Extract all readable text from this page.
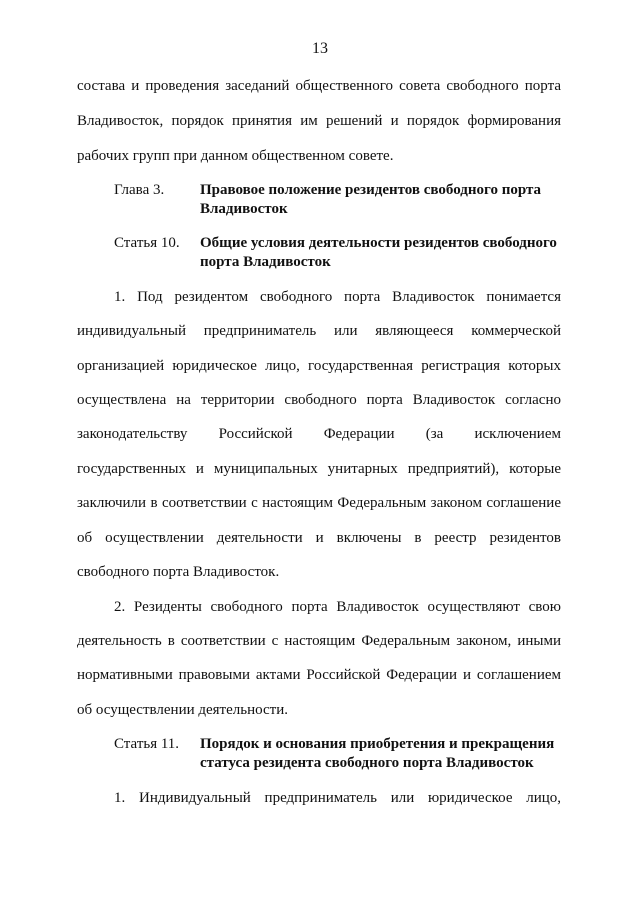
13
состава и проведения заседаний общественного совета свободного порта
Владивосток, порядок принятия им решений и порядок формирования
рабочих групп при данном общественном совете.
Глава 3. Правовое положение резидентов свободного порта
Владивосток
Статья 10. Общие условия деятельности резидентов свободного
порта Владивосток
1. Под резидентом свободного порта Владивосток понимается
индивидуальный предприниматель или являющееся коммерческой
организацией юридическое лицо, государственная регистрация которых
осуществлена на территории свободного порта Владивосток согласно
законодательству Российской Федерации (за исключением
государственных и муниципальных унитарных предприятий), которые
заключили в соответствии с настоящим Федеральным законом соглашение
об осуществлении деятельности и включены в реестр резидентов
свободного порта Владивосток.
2. Резиденты свободного порта Владивосток осуществляют свою
деятельность в соответствии с настоящим Федеральным законом, иными
нормативными правовыми актами Российской Федерации и соглашением
об осуществлении деятельности.
Статья 11. Порядок и основания приобретения и прекращения
статуса резидента свободного порта Владивосток
1. Индивидуальный предприниматель или юридическое лицо,
